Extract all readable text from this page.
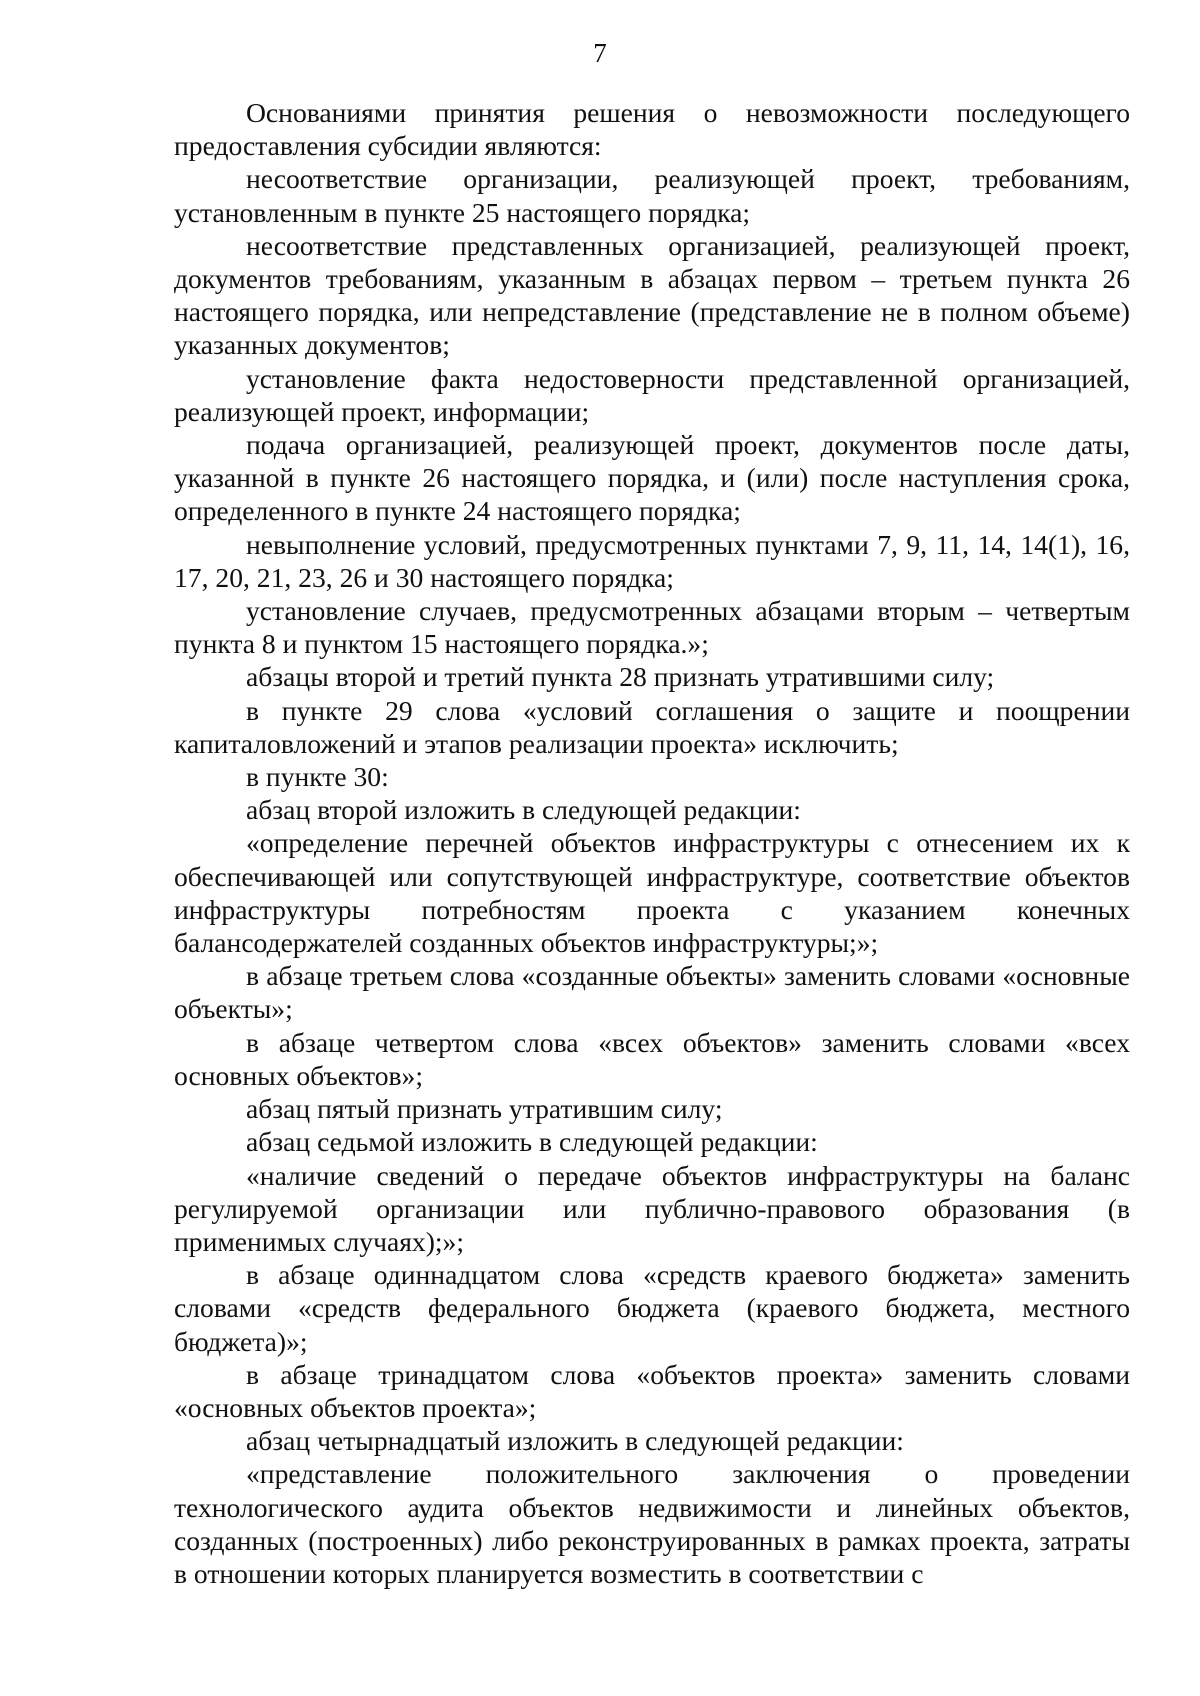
7

Основаниями принятия решения о невозможности последующего предоставления субсидии являются:

несоответствие организации, реализующей проект, требованиям, установленным в пункте 25 настоящего порядка;

несоответствие представленных организацией, реализующей проект, документов требованиям, указанным в абзацах первом – третьем пункта 26 настоящего порядка, или непредставление (представление не в полном объеме) указанных документов;

установление факта недостоверности представленной организацией, реализующей проект, информации;

подача организацией, реализующей проект, документов после даты, указанной в пункте 26 настоящего порядка, и (или) после наступления срока, определенного в пункте 24 настоящего порядка;

невыполнение условий, предусмотренных пунктами 7, 9, 11, 14, 14(1), 16, 17, 20, 21, 23, 26 и 30 настоящего порядка;

установление случаев, предусмотренных абзацами вторым – четвертым пункта 8 и пунктом 15 настоящего порядка.»;

абзацы второй и третий пункта 28 признать утратившими силу;

в пункте 29 слова «условий соглашения о защите и поощрении капиталовложений и этапов реализации проекта» исключить;

в пункте 30:

абзац второй изложить в следующей редакции:

«определение перечней объектов инфраструктуры с отнесением их к обеспечивающей или сопутствующей инфраструктуре, соответствие объектов инфраструктуры потребностям проекта с указанием конечных балансодержателей созданных объектов инфраструктуры;»;

в абзаце третьем слова «созданные объекты» заменить словами «основные объекты»;

в абзаце четвертом слова «всех объектов» заменить словами «всех основных объектов»;

абзац пятый признать утратившим силу;

абзац седьмой изложить в следующей редакции:

«наличие сведений о передаче объектов инфраструктуры на баланс регулируемой организации или публично-правового образования (в применимых случаях);»;

в абзаце одиннадцатом слова «средств краевого бюджета» заменить словами «средств федерального бюджета (краевого бюджета, местного бюджета)»;

в абзаце тринадцатом слова «объектов проекта» заменить словами «основных объектов проекта»;

абзац четырнадцатый изложить в следующей редакции:

«представление положительного заключения о проведении технологического аудита объектов недвижимости и линейных объектов, созданных (построенных) либо реконструированных в рамках проекта, затраты в отношении которых планируется возместить в соответствии с
